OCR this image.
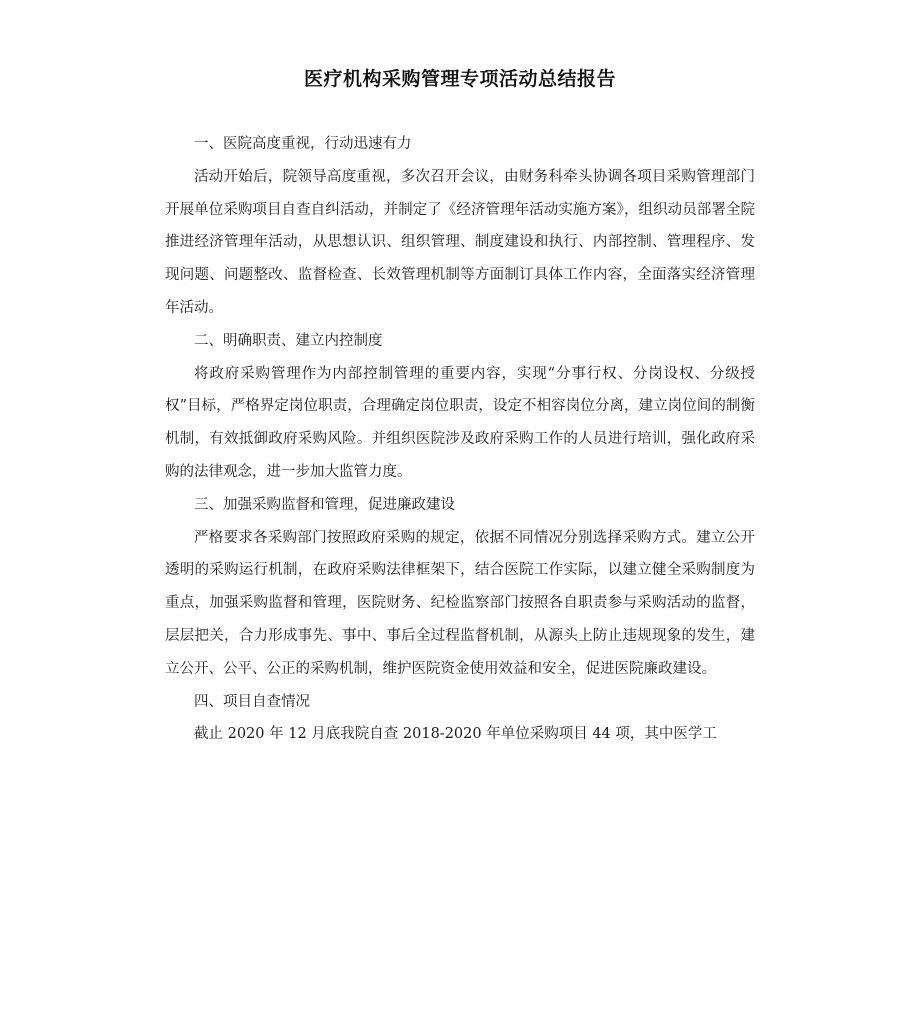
医疗机构采购管理专项活动总结报告

一、医院高度重视，行动迅速有力

活动开始后，院领导高度重视，多次召开会议，由财务科牵头协调各项目采购管理部门开展单位采购项目自查自纠活动，并制定了《经济管理年活动实施方案》，组织动员部署全院推进经济管理年活动，从思想认识、组织管理、制度建设和执行、内部控制、管理程序、发现问题、问题整改、监督检查、长效管理机制等方面制订具体工作内容，全面落实经济管理年活动。

二、明确职责、建立内控制度

将政府采购管理作为内部控制管理的重要内容，实现“分事行权、分岗设权、分级授权”目标，严格界定岗位职责，合理确定岗位职责，设定不相容岗位分离，建立岗位间的制衡机制，有效抵御政府采购风险。并组织医院涉及政府采购工作的人员进行培训，强化政府采购的法律观念，进一步加大监管力度。

三、加强采购监督和管理，促进廉政建设

严格要求各采购部门按照政府采购的规定，依据不同情况分别选择采购方式。建立公开透明的采购运行机制，在政府采购法律框架下，结合医院工作实际，以建立健全采购制度为重点，加强采购监督和管理，医院财务、纪检监察部门按照各自职责参与采购活动的监督，层层把关，合力形成事先、事中、事后全过程监督机制，从源头上防止违规现象的发生，建立公开、公平、公正的采购机制，维护医院资金使用效益和安全，促进医院廉政建设。

四、项目自查情况

截止 2020 年 12 月底我院自查 2018-2020 年单位采购项目 44 项，其中医学工
